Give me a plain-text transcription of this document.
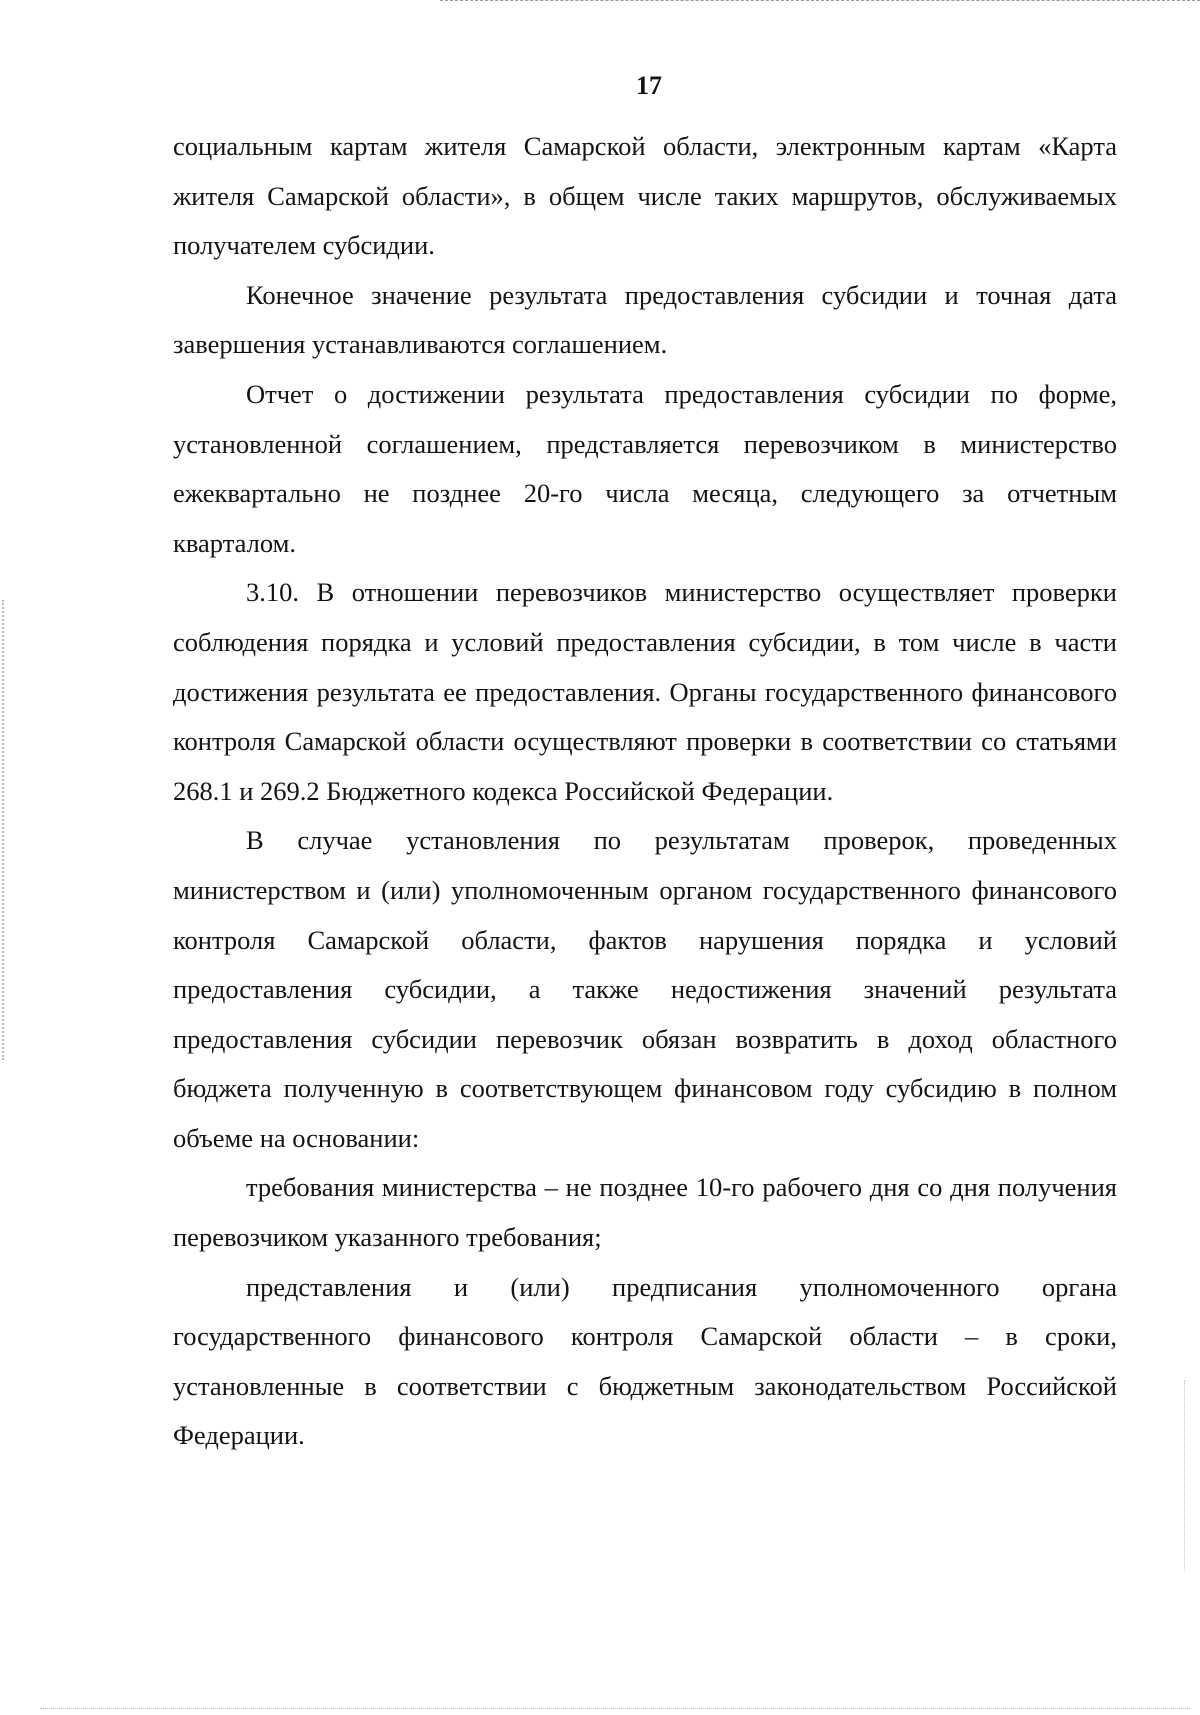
17

социальным картам жителя Самарской области, электронным картам «Карта жителя Самарской области», в общем числе таких маршрутов, обслуживаемых получателем субсидии.

Конечное значение результата предоставления субсидии и точная дата завершения устанавливаются соглашением.

Отчет о достижении результата предоставления субсидии по форме, установленной соглашением, представляется перевозчиком в министерство ежеквартально не позднее 20-го числа месяца, следующего за отчетным кварталом.

3.10. В отношении перевозчиков министерство осуществляет проверки соблюдения порядка и условий предоставления субсидии, в том числе в части достижения результата ее предоставления. Органы государственного финансового контроля Самарской области осуществляют проверки в соответствии со статьями 268.1 и 269.2 Бюджетного кодекса Российской Федерации.

В случае установления по результатам проверок, проведенных министерством и (или) уполномоченным органом государственного финансового контроля Самарской области, фактов нарушения порядка и условий предоставления субсидии, а также недостижения значений результата предоставления субсидии перевозчик обязан возвратить в доход областного бюджета полученную в соответствующем финансовом году субсидию в полном объеме на основании:

требования министерства – не позднее 10-го рабочего дня со дня получения перевозчиком указанного требования;

представления и (или) предписания уполномоченного органа государственного финансового контроля Самарской области – в сроки, установленные в соответствии с бюджетным законодательством Российской Федерации.
